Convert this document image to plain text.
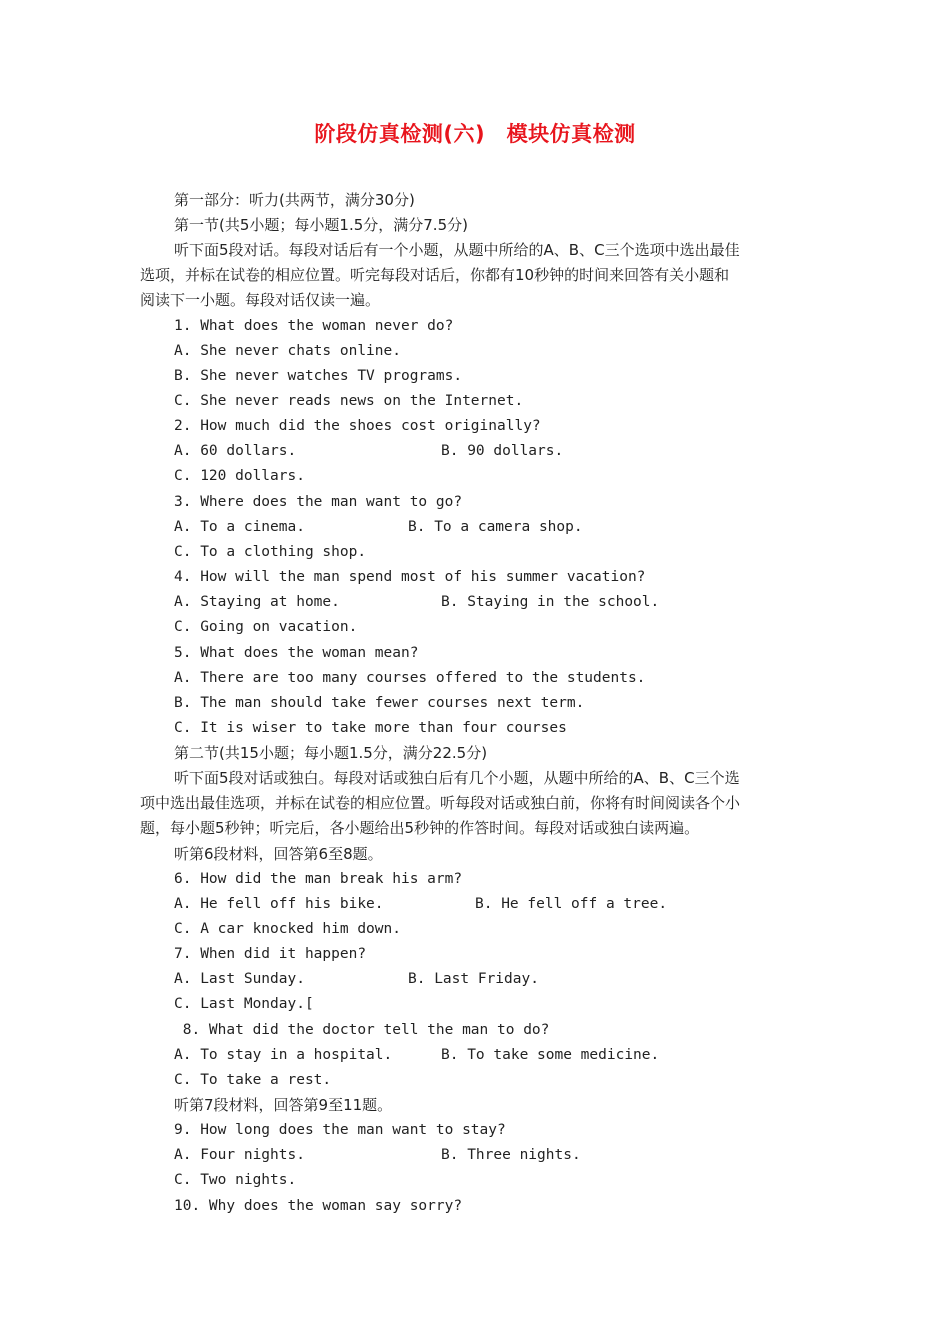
阶段仿真检测(六)　模块仿真检测
第一部分：听力(共两节，满分30分)
第一节(共5小题；每小题1.5分，满分7.5分)
听下面5段对话。每段对话后有一个小题，从题中所给的A、B、C三个选项中选出最佳
选项，并标在试卷的相应位置。听完每段对话后，你都有10秒钟的时间来回答有关小题和
阅读下一小题。每段对话仅读一遍。
1. What does the woman never do?
A. She never chats online.
B. She never watches TV programs.
C. She never reads news on the Internet.
2. How much did the shoes cost originally?
A. 60 dollars.	B. 90 dollars.
C. 120 dollars.
3. Where does the man want to go?
A. To a cinema.	B. To a camera shop.
C. To a clothing shop.
4. How will the man spend most of his summer vacation?
A. Staying at home.	B. Staying in the school.
C. Going on vacation.
5. What does the woman mean?
A. There are too many courses offered to the students.
B. The man should take fewer courses next term.
C. It is wiser to take more than four courses
第二节(共15小题；每小题1.5分，满分22.5分)
听下面5段对话或独白。每段对话或独白后有几个小题，从题中所给的A、B、C三个选
项中选出最佳选项，并标在试卷的相应位置。听每段对话或独白前，你将有时间阅读各个小
题，每小题5秒钟；听完后，各小题给出5秒钟的作答时间。每段对话或独白读两遍。
听第6段材料，回答第6至8题。
6. How did the man break his arm?
A. He fell off his bike.	B. He fell off a tree.
C. A car knocked him down.
7. When did it happen?
A. Last Sunday.	B. Last Friday.
C. Last Monday.[
8. What did the doctor tell the man to do?
A. To stay in a hospital.	B. To take some medicine.
C. To take a rest.
听第7段材料，回答第9至11题。
9. How long does the man want to stay?
A. Four nights.	B. Three nights.
C. Two nights.
10. Why does the woman say sorry?
